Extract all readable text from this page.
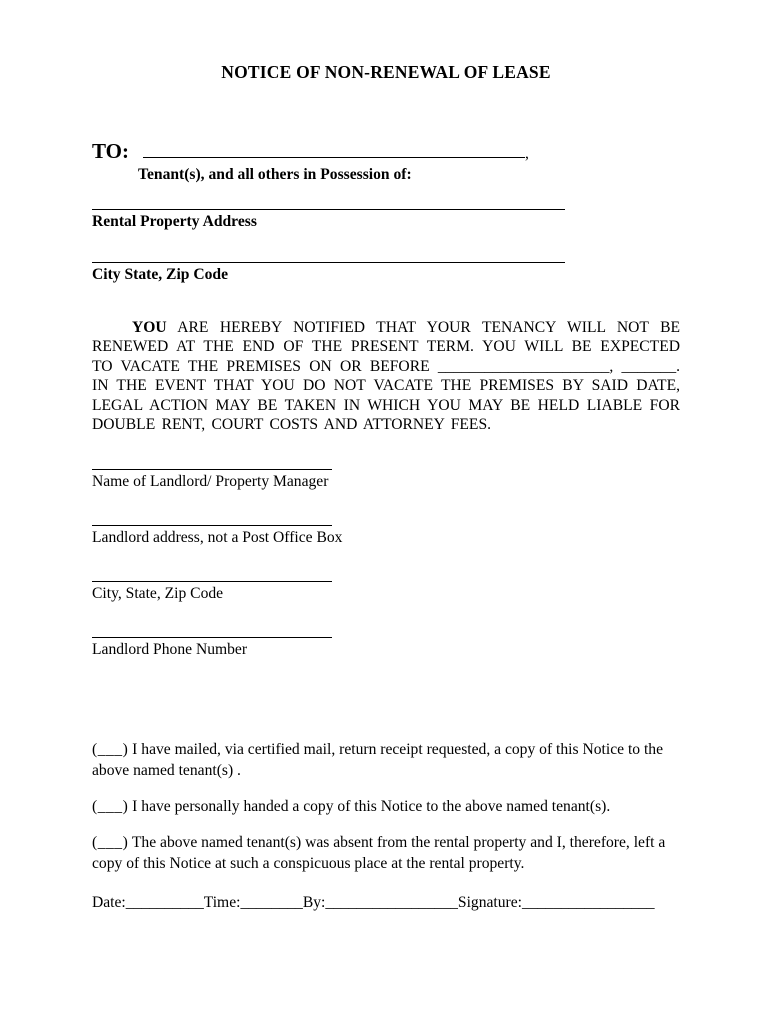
NOTICE OF NON-RENEWAL OF LEASE
TO:	,
Tenant(s), and all others in Possession of:
Rental Property Address
City State, Zip Code
YOU ARE HEREBY NOTIFIED THAT YOUR TENANCY WILL NOT BE RENEWED AT THE END OF THE PRESENT TERM. YOU WILL BE EXPECTED TO VACATE THE PREMISES ON OR BEFORE ______________________, _______. IN THE EVENT THAT YOU DO NOT VACATE THE PREMISES BY SAID DATE, LEGAL ACTION MAY BE TAKEN IN WHICH YOU MAY BE HELD LIABLE FOR DOUBLE RENT, COURT COSTS AND ATTORNEY FEES.
Name of Landlord/ Property Manager
Landlord address, not a Post Office Box
City, State, Zip Code
Landlord Phone Number
(___) I have mailed, via certified mail, return receipt requested, a copy of this Notice to the above named tenant(s) .
(___) I have personally handed a copy of this Notice to the above named tenant(s).
(___) The above named tenant(s) was absent from the rental property and I, therefore, left a copy of this Notice at such a conspicuous place at the rental property.
Date:__________Time:________By:_________________Signature:_________________
